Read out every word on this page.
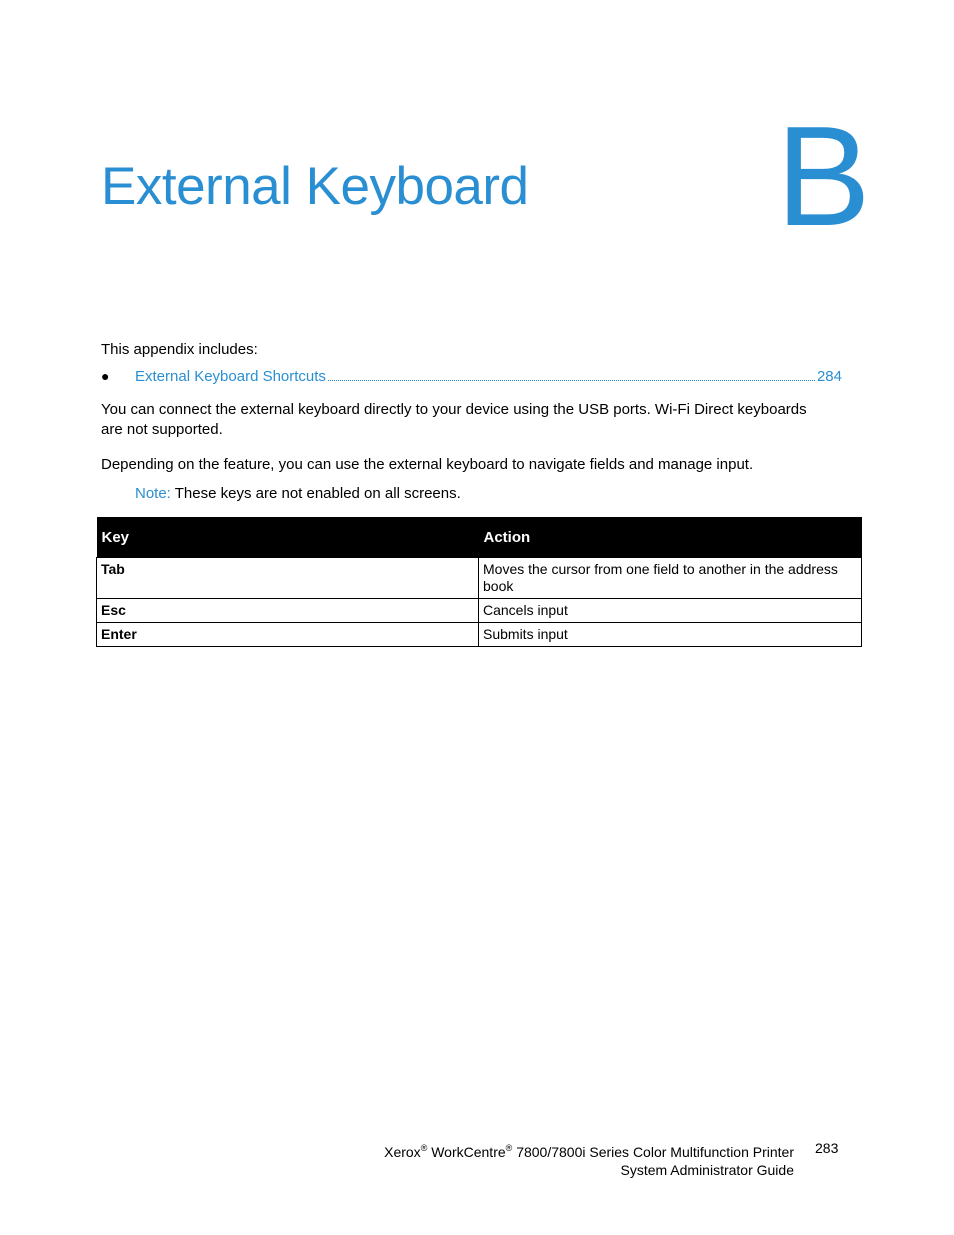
External Keyboard B

This appendix includes:

●	External Keyboard Shortcuts	284

You can connect the external keyboard directly to your device using the USB ports. Wi-Fi Direct keyboards are not supported.

Depending on the feature, you can use the external keyboard to navigate fields and manage input.

Note: These keys are not enabled on all screens.
Key	Action
Tab	Moves the cursor from one field to another in the address book
Esc	Cancels input
Enter	Submits input
Xerox® WorkCentre® 7800/7800i Series Color Multifunction Printer
System Administrator Guide
283
